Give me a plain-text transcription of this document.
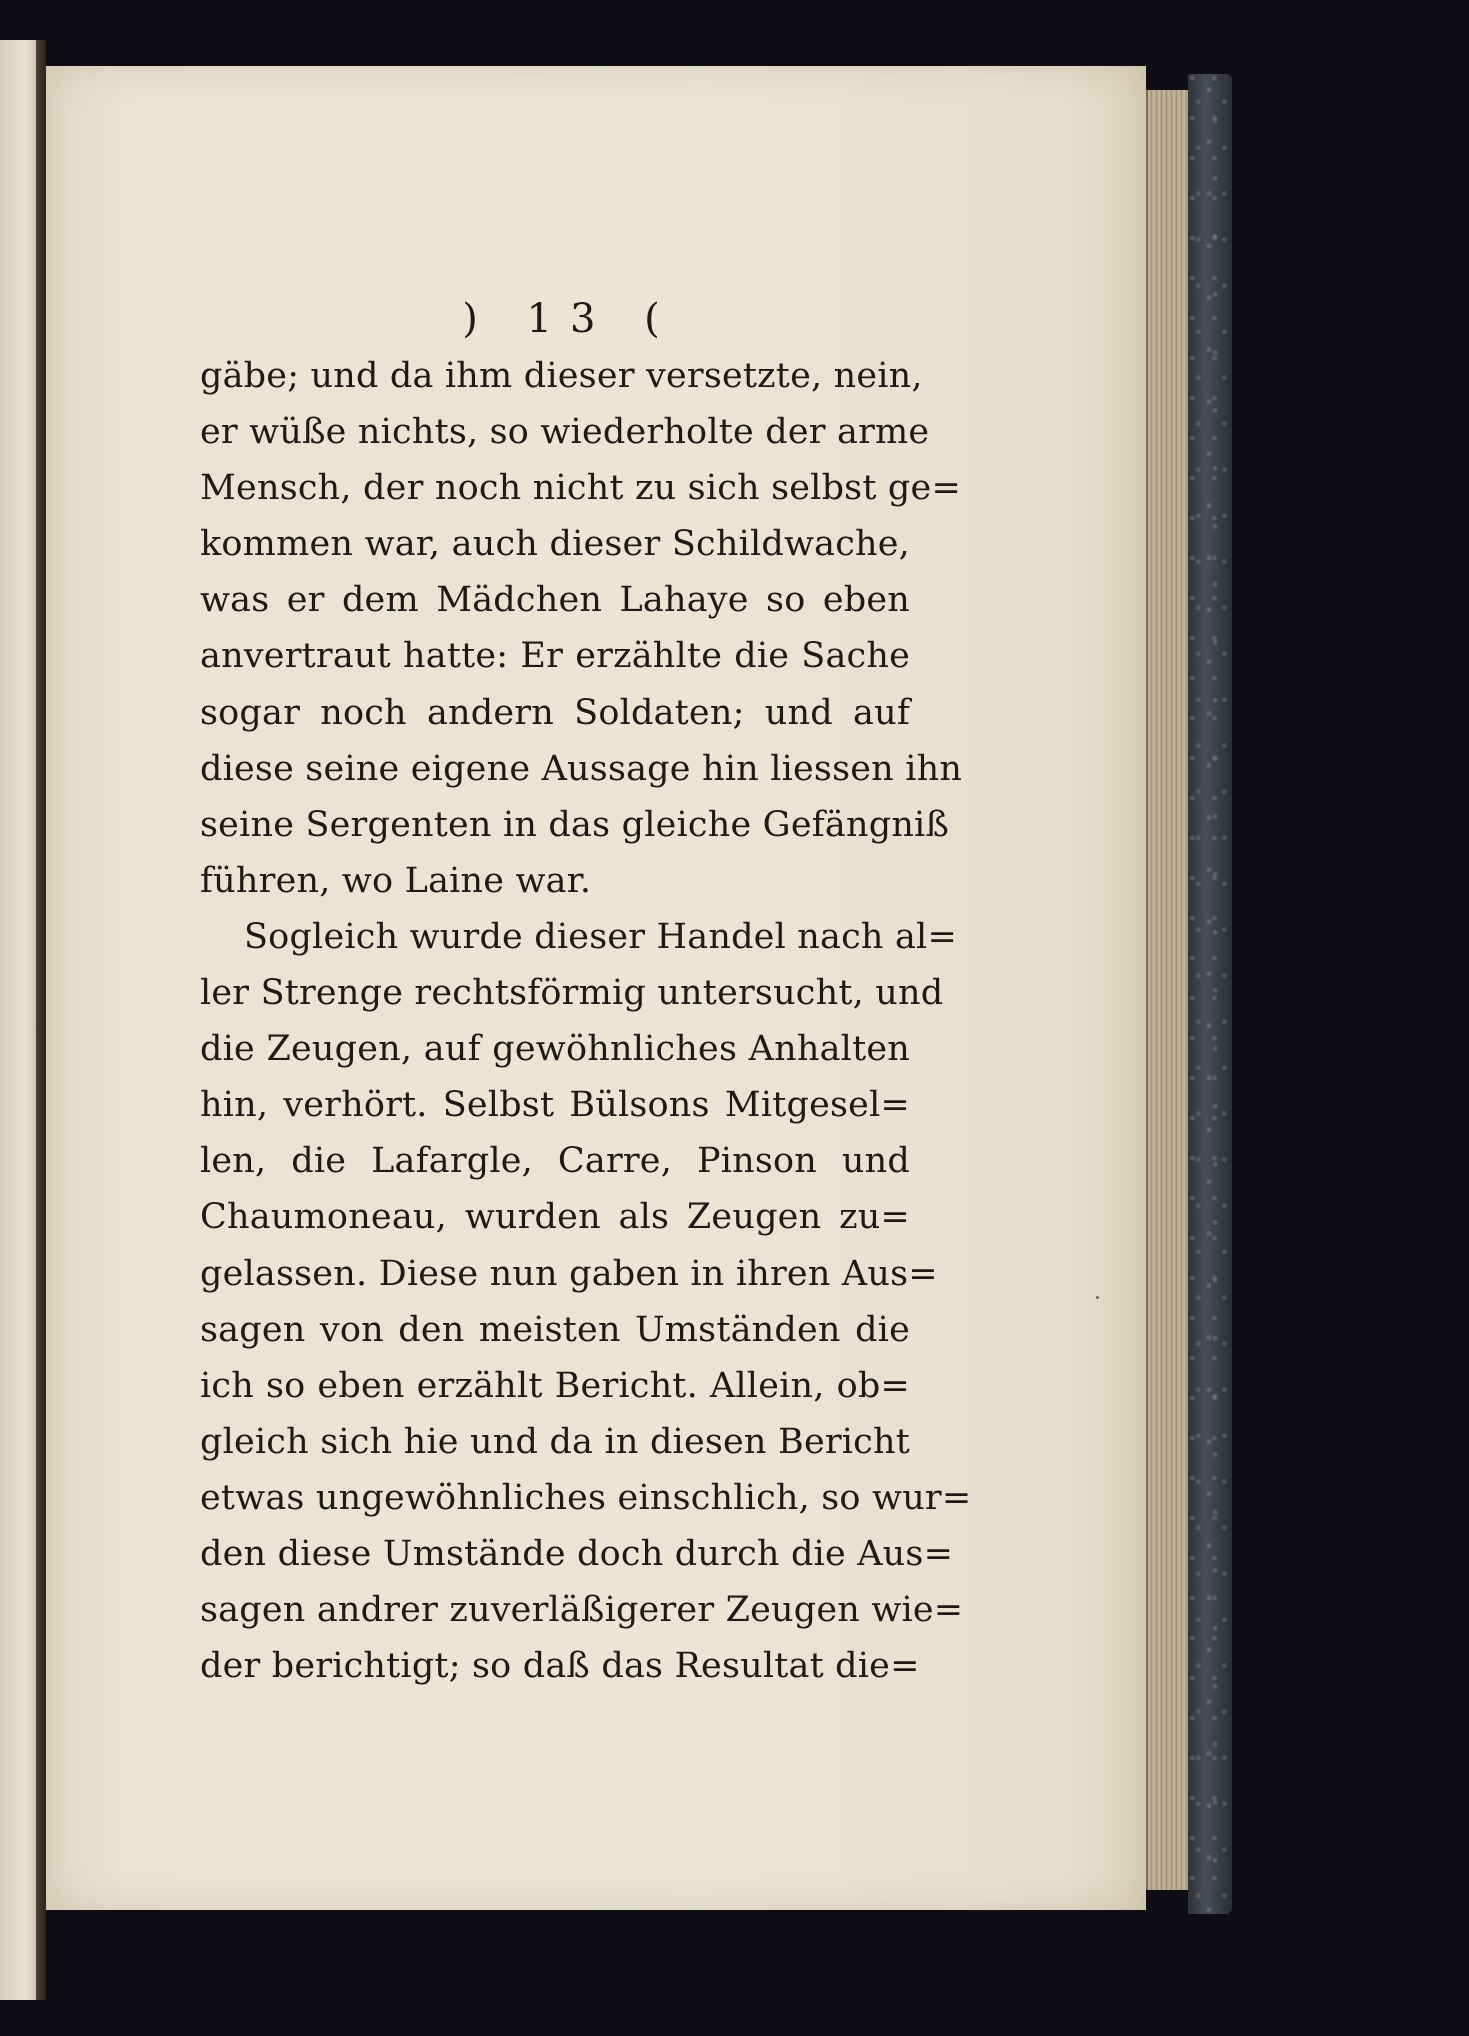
) 13 (
gäbe; und da ihm dieser versetzte, nein,
er wüße nichts, so wiederholte der arme
Mensch, der noch nicht zu sich selbst ge=
kommen war, auch dieser Schildwache,
was er dem Mädchen Lahaye so eben
anvertraut hatte: Er erzählte die Sache
sogar noch andern Soldaten; und auf
diese seine eigene Aussage hin liessen ihn
seine Sergenten in das gleiche Gefängniß
führen, wo Laine war.
Sogleich wurde dieser Handel nach al=
ler Strenge rechtsförmig untersucht, und
die Zeugen, auf gewöhnliches Anhalten
hin, verhört. Selbst Bülsons Mitgesel=
len, die Lafargle, Carre, Pinson und
Chaumoneau, wurden als Zeugen zu=
gelassen. Diese nun gaben in ihren Aus=
sagen von den meisten Umständen die
ich so eben erzählt Bericht. Allein, ob=
gleich sich hie und da in diesen Bericht
etwas ungewöhnliches einschlich, so wur=
den diese Umstände doch durch die Aus=
sagen andrer zuverläßigerer Zeugen wie=
der berichtigt; so daß das Resultat die=
